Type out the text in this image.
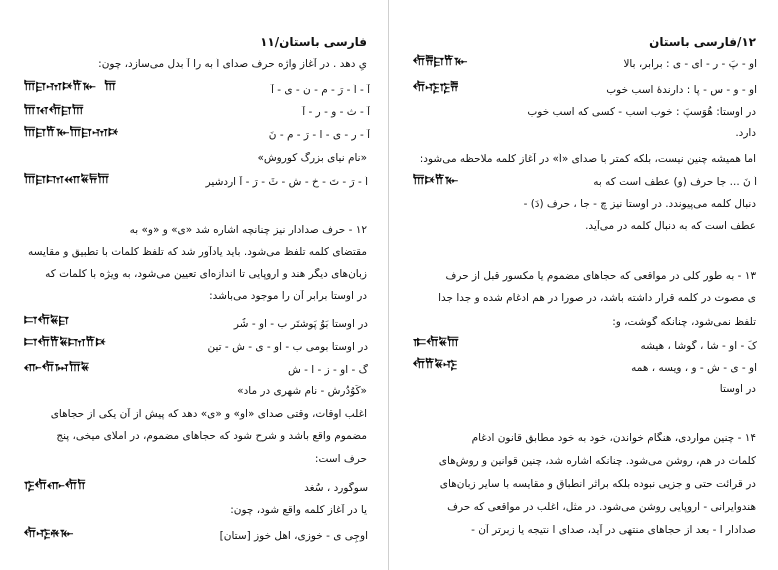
فارسی باستان/۱۱
یِ دهد . در آغاز واژه حرف صدای اَ به را آ بدل می‌سازد، چون:
𐎠𐎼𐎶𐎴𐎡𐎹 𐎠	آ - اَ - رَ - م - ن - ی - آ
𐎠𐎰𐎢𐎼𐎠	آ - ث - و - ر - آ
𐎠𐎼𐎡𐎹𐎠𐎼𐎶𐎴	آ - ر - ی - ا - رَ - م - نَ
«نام نیای بزرگ کوروش»
𐎠𐎼𐎫𐎧𐏁𐏂𐎠	اَ - رَ - تَ - خ - ش - ثَ - رَ - آ اردشیر
۱۲ - حرف صدادار نیز چنانچه اشاره شد «ی» و «و» به
مقتضای کلمه تلفظ می‌شود. باید یادآور شد که تلفظ کلمات با تطبیق و مقایسه
زبان‌های دیگر هند و اروپایی تا اندازه‌ای تعیین می‌شود، به ویژه با کلمات که
در اوستا برابر آن را موجود می‌باشد:
𐎲𐎢𐏁𐎼	در اوستا بَوُ پَوشتَر ب - او - شُر
𐎲𐎢𐎡𐏁𐎫𐎡𐎴	در اوستا بومی ب - او - ی - ش - تین
𐎥𐎢𐏀𐎠𐏁	گ - او - ز - ا - ش
«کَوُدُرش - نام شهری در ماد»
اغلب اوقات، وقتی صدای «او» و «ی» دهد که پیش از آن یکی از حجاهای
مضموم واقع باشد و شرح شود که حجاهای مضموم، در املای میخی، پنج
حرف است:
𐎿𐎢𐎥𐎢𐎭	سوگورد ، سُغد
یا در آغاز کلمه واقع شود، چون:
𐎢𐎺𐎩𐎹	اوجِی ی - خوزی، اهل خوز [ستان]
۱۲/فارسی باستان
𐎢𐎱𐎼𐎡𐎹	او - پَ - ر - ای - ی : برابر، بالا
𐎢𐎺𐎿𐎱	او - و - س - پا : دارندهٔ اسب خوب
در اوستا: هُوَسپَ : خوب اسب - کسی که اسب خوب
دارد.
اما همیشه چنین نیست، بلکه کمتر با صدای «اَ» در آغاز کلمه ملاحظه می‌شود:
𐎠𐎴𐎡𐎹	اَ نَ ... جا حرف (و) عطف است که به
دنبال کلمه می‌پیوندد. در اوستا نیز چ - جا ، حرف (دَ) -
عطف است که به دنبال کلمه در می‌آید.
۱۳ - به طور کلی در مواقعی که حجاهای مضموم یا مکسور قبل از حرف
ی مصوت در کلمه قرار داشته باشد، در صورا در هم ادغام شده و جدا جدا
تلفظ نمی‌شود، چنانکه گوشت، و:
𐎣𐎢𐏁𐎠	کَ - او - شا ، گوشا ، هیشه
𐎢𐎡𐏁𐎺	او - ی - ش - و ، ویسه ، همه
در اوستا
۱۴ - چنین مواردی، هنگام خواندن، خود به خود مطابق قانون ادغام
کلمات در هم، روشن می‌شود. چنانکه اشاره شد، چنین قوانین و روش‌های
در قرائت حتی و جزیی نبوده بلکه براثر انطباق و مقایسه با سایر زبان‌های
هندوایرانی - اروپایی روشن می‌شود. در مثل، اغلب در مواقعی که حرف
صدادار ا - بعد از حجاهای منتهی در آید، صدای ا نتیجه یا زبرتر آن -
